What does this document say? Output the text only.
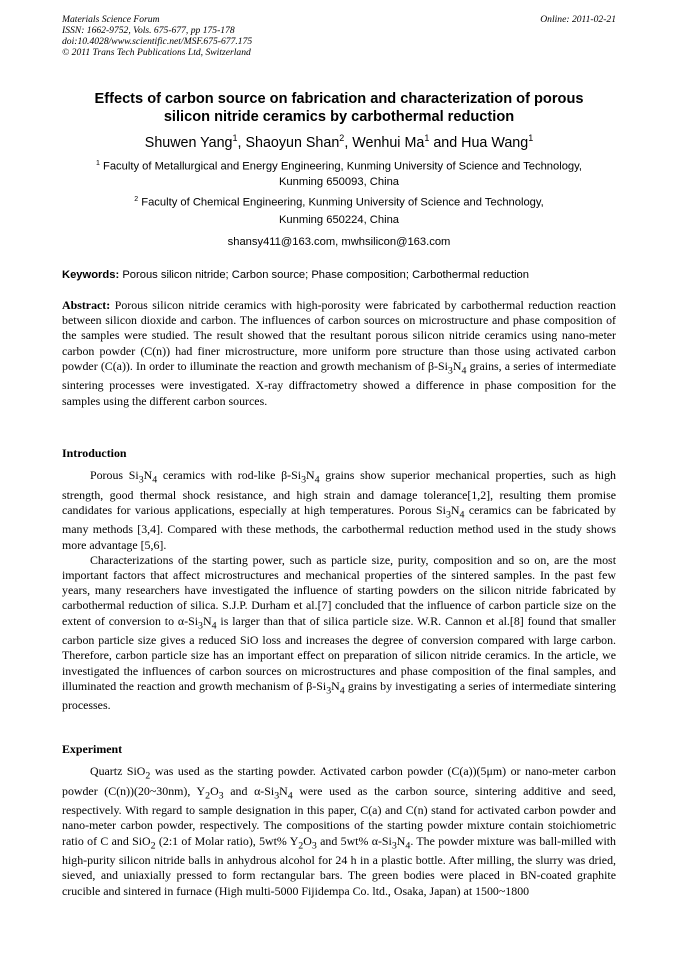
Materials Science Forum
ISSN: 1662-9752, Vols. 675-677, pp 175-178
doi:10.4028/www.scientific.net/MSF.675-677.175
© 2011 Trans Tech Publications Ltd, Switzerland
Online: 2011-02-21
Effects of carbon source on fabrication and characterization of porous
silicon nitride ceramics by carbothermal reduction
Shuwen Yang$^1$, Shaoyun Shan$^2$, Wenhui Ma$^1$ and Hua Wang$^1$
$^1$ Faculty of Metallurgical and Energy Engineering, Kunming University of Science and Technology,
Kunming 650093, China
$^2$ Faculty of Chemical Engineering, Kunming University of Science and Technology,
Kunming 650224, China
shansy411@163.com, mwhsilicon@163.com
Keywords: Porous silicon nitride; Carbon source; Phase composition; Carbothermal reduction

Abstract: Porous silicon nitride ceramics with high-porosity were fabricated by carbothermal reduction reaction between silicon dioxide and carbon. The influences of carbon sources on microstructure and phase composition of the samples were studied. The result showed that the resultant porous silicon nitride ceramics using nano-meter carbon powder (C(n)) had finer microstructure, more uniform pore structure than those using activated carbon powder (C(a)). In order to illuminate the reaction and growth mechanism of $\beta-Si_3N_4$ grains, a series of intermediate sintering processes were investigated. X-ray diffractometry showed a difference in phase composition for the samples using the different carbon sources.

Introduction

Porous $Si_3N_4$ ceramics with rod-like $\beta-Si_3N_4$ grains show superior mechanical properties, such as high strength, good thermal shock resistance, and high strain and damage tolerance[1,2], resulting them promise candidates for various applications, especially at high temperatures. Porous $Si_3N_4$ ceramics can be fabricated by many methods [3,4]. Compared with these methods, the carbothermal reduction method used in the study shows more advantage [5,6].

Characterizations of the starting power, such as particle size, purity, composition and so on, are the most important factors that affect microstructures and mechanical properties of the sintered samples. In the past few years, many researchers have investigated the influence of starting powders on the silicon nitride fabricated by carbothermal reduction of silica. S.J.P. Durham et al.[7] concluded that the influence of carbon particle size on the extent of conversion to $\alpha-Si_3N_4$ is larger than that of silica particle size. W.R. Cannon et al.[8] found that smaller carbon particle size gives a reduced SiO loss and increases the degree of conversion compared with large carbon. Therefore, carbon particle size has an important effect on preparation of silicon nitride ceramics. In the article, we investigated the influences of carbon sources on microstructures and phase composition of the final samples, and illuminated the reaction and growth mechanism of $\beta-Si_3N_4$ grains by investigating a series of intermediate sintering processes.

Experiment

Quartz SiO$_2$ was used as the starting powder. Activated carbon powder (C(a))(5μm) or nano-meter carbon powder (C(n))(20~30nm), $Y_2O_3$ and $\alpha-Si_3N_4$ were used as the carbon source, sintering additive and seed, respectively. With regard to sample designation in this paper, C(a) and C(n) stand for activated carbon powder and nano-meter carbon powder, respectively. The compositions of the starting powder mixture contain stoichiometric ratio of C and SiO$_2$ (2:1 of Molar ratio), 5wt% $Y_2O_3$ and 5wt% $\alpha-Si_3N_4$. The powder mixture was ball-milled with high-purity silicon nitride balls in anhydrous alcohol for 24 h in a plastic bottle. After milling, the slurry was dried, sieved, and uniaxially pressed to form rectangular bars. The green bodies were placed in BN-coated graphite crucible and sintered in furnace (High multi-5000 Fijidempa Co. ltd., Osaka, Japan) at 1500~1800
